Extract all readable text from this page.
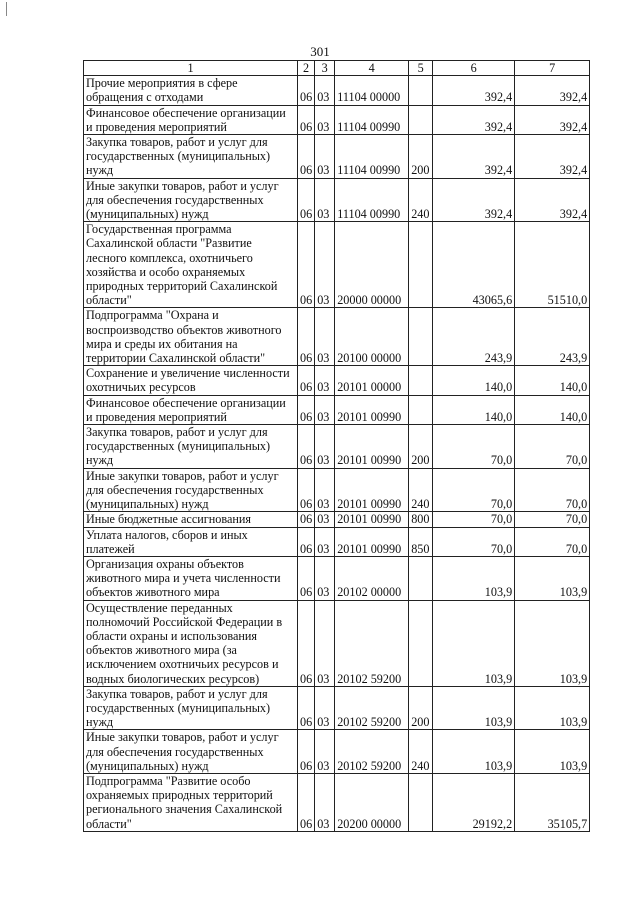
301
1	2	3	4	5	6	7
Прочие мероприятия в сфере обращения с отходами	06	03	11104 00000		392,4	392,4
Финансовое обеспечение организации и проведения мероприятий	06	03	11104 00990		392,4	392,4
Закупка товаров, работ и услуг для государственных (муниципальных) нужд	06	03	11104 00990	200	392,4	392,4
Иные закупки товаров, работ и услуг для обеспечения государственных (муниципальных) нужд	06	03	11104 00990	240	392,4	392,4
Государственная программа Сахалинской области "Развитие лесного комплекса, охотничьего хозяйства и особо охраняемых природных территорий Сахалинской области"	06	03	20000 00000		43065,6	51510,0
Подпрограмма "Охрана и воспроизводство объектов животного мира и среды их обитания на территории Сахалинской области"	06	03	20100 00000		243,9	243,9
Сохранение и увеличение численности охотничьих ресурсов	06	03	20101 00000		140,0	140,0
Финансовое обеспечение организации и проведения мероприятий	06	03	20101 00990		140,0	140,0
Закупка товаров, работ и услуг для государственных (муниципальных) нужд	06	03	20101 00990	200	70,0	70,0
Иные закупки товаров, работ и услуг для обеспечения государственных (муниципальных) нужд	06	03	20101 00990	240	70,0	70,0
Иные бюджетные ассигнования	06	03	20101 00990	800	70,0	70,0
Уплата налогов, сборов и иных платежей	06	03	20101 00990	850	70,0	70,0
Организация охраны объектов животного мира и учета численности объектов животного мира	06	03	20102 00000		103,9	103,9
Осуществление переданных полномочий Российской Федерации в области охраны и использования объектов животного мира (за исключением охотничьих ресурсов и водных биологических ресурсов)	06	03	20102 59200		103,9	103,9
Закупка товаров, работ и услуг для государственных (муниципальных) нужд	06	03	20102 59200	200	103,9	103,9
Иные закупки товаров, работ и услуг для обеспечения государственных (муниципальных) нужд	06	03	20102 59200	240	103,9	103,9
Подпрограмма "Развитие особо охраняемых природных территорий регионального значения Сахалинской области"	06	03	20200 00000		29192,2	35105,7
